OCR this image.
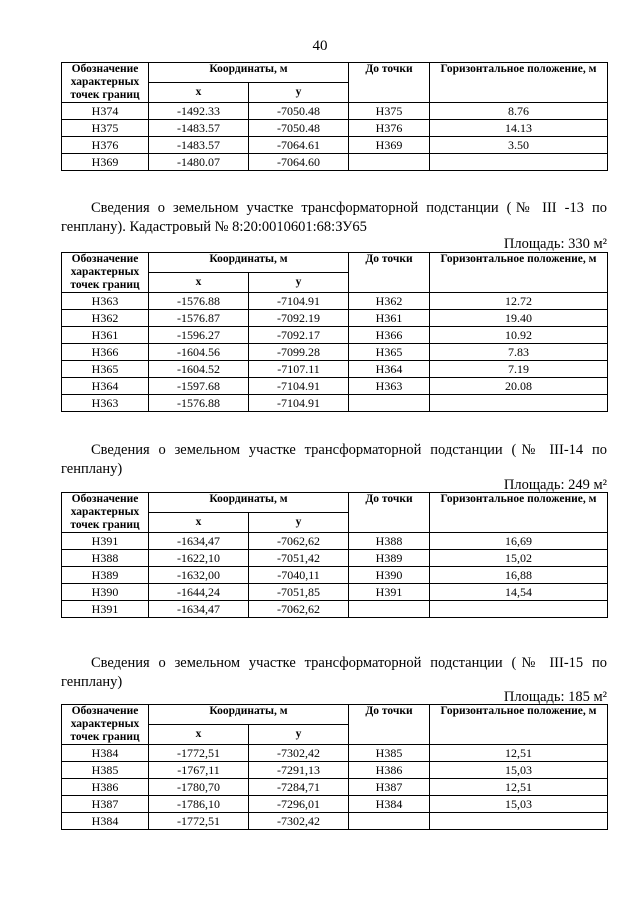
40
Обозначение характерных точек границ	Координаты, м		До точки	Горизонтальное положение, м
	x	y		
Н374	-1492.33	-7050.48	Н375	8.76
Н375	-1483.57	-7050.48	Н376	14.13
Н376	-1483.57	-7064.61	Н369	3.50
Н369	-1480.07	-7064.60		

Сведения о земельном участке трансформаторной подстанции (№ III -13 по генплану). Кадастровый № 8:20:0010601:68:ЗУ65

Площадь: 330 м²

Обозначение характерных точек границ	Координаты, м		До точки	Горизонтальное положение, м
	x	y		
Н363	-1576.88	-7104.91	Н362	12.72
Н362	-1576.87	-7092.19	Н361	19.40
Н361	-1596.27	-7092.17	Н366	10.92
Н366	-1604.56	-7099.28	Н365	7.83
Н365	-1604.52	-7107.11	Н364	7.19
Н364	-1597.68	-7104.91	Н363	20.08
Н363	-1576.88	-7104.91		

Сведения о земельном участке трансформаторной подстанции (№ III-14 по генплану)

Площадь: 249 м²

Обозначение характерных точек границ	Координаты, м		До точки	Горизонтальное положение, м
	x	y		
Н391	-1634,47	-7062,62	Н388	16,69
Н388	-1622,10	-7051,42	Н389	15,02
Н389	-1632,00	-7040,11	Н390	16,88
Н390	-1644,24	-7051,85	Н391	14,54
Н391	-1634,47	-7062,62		

Сведения о земельном участке трансформаторной подстанции (№ III-15 по генплану)

Площадь: 185 м²

Обозначение характерных точек границ	Координаты, м		До точки	Горизонтальное положение, м
	x	y		
Н384	-1772,51	-7302,42	Н385	12,51
Н385	-1767,11	-7291,13	Н386	15,03
Н386	-1780,70	-7284,71	Н387	12,51
Н387	-1786,10	-7296,01	Н384	15,03
Н384	-1772,51	-7302,42		
